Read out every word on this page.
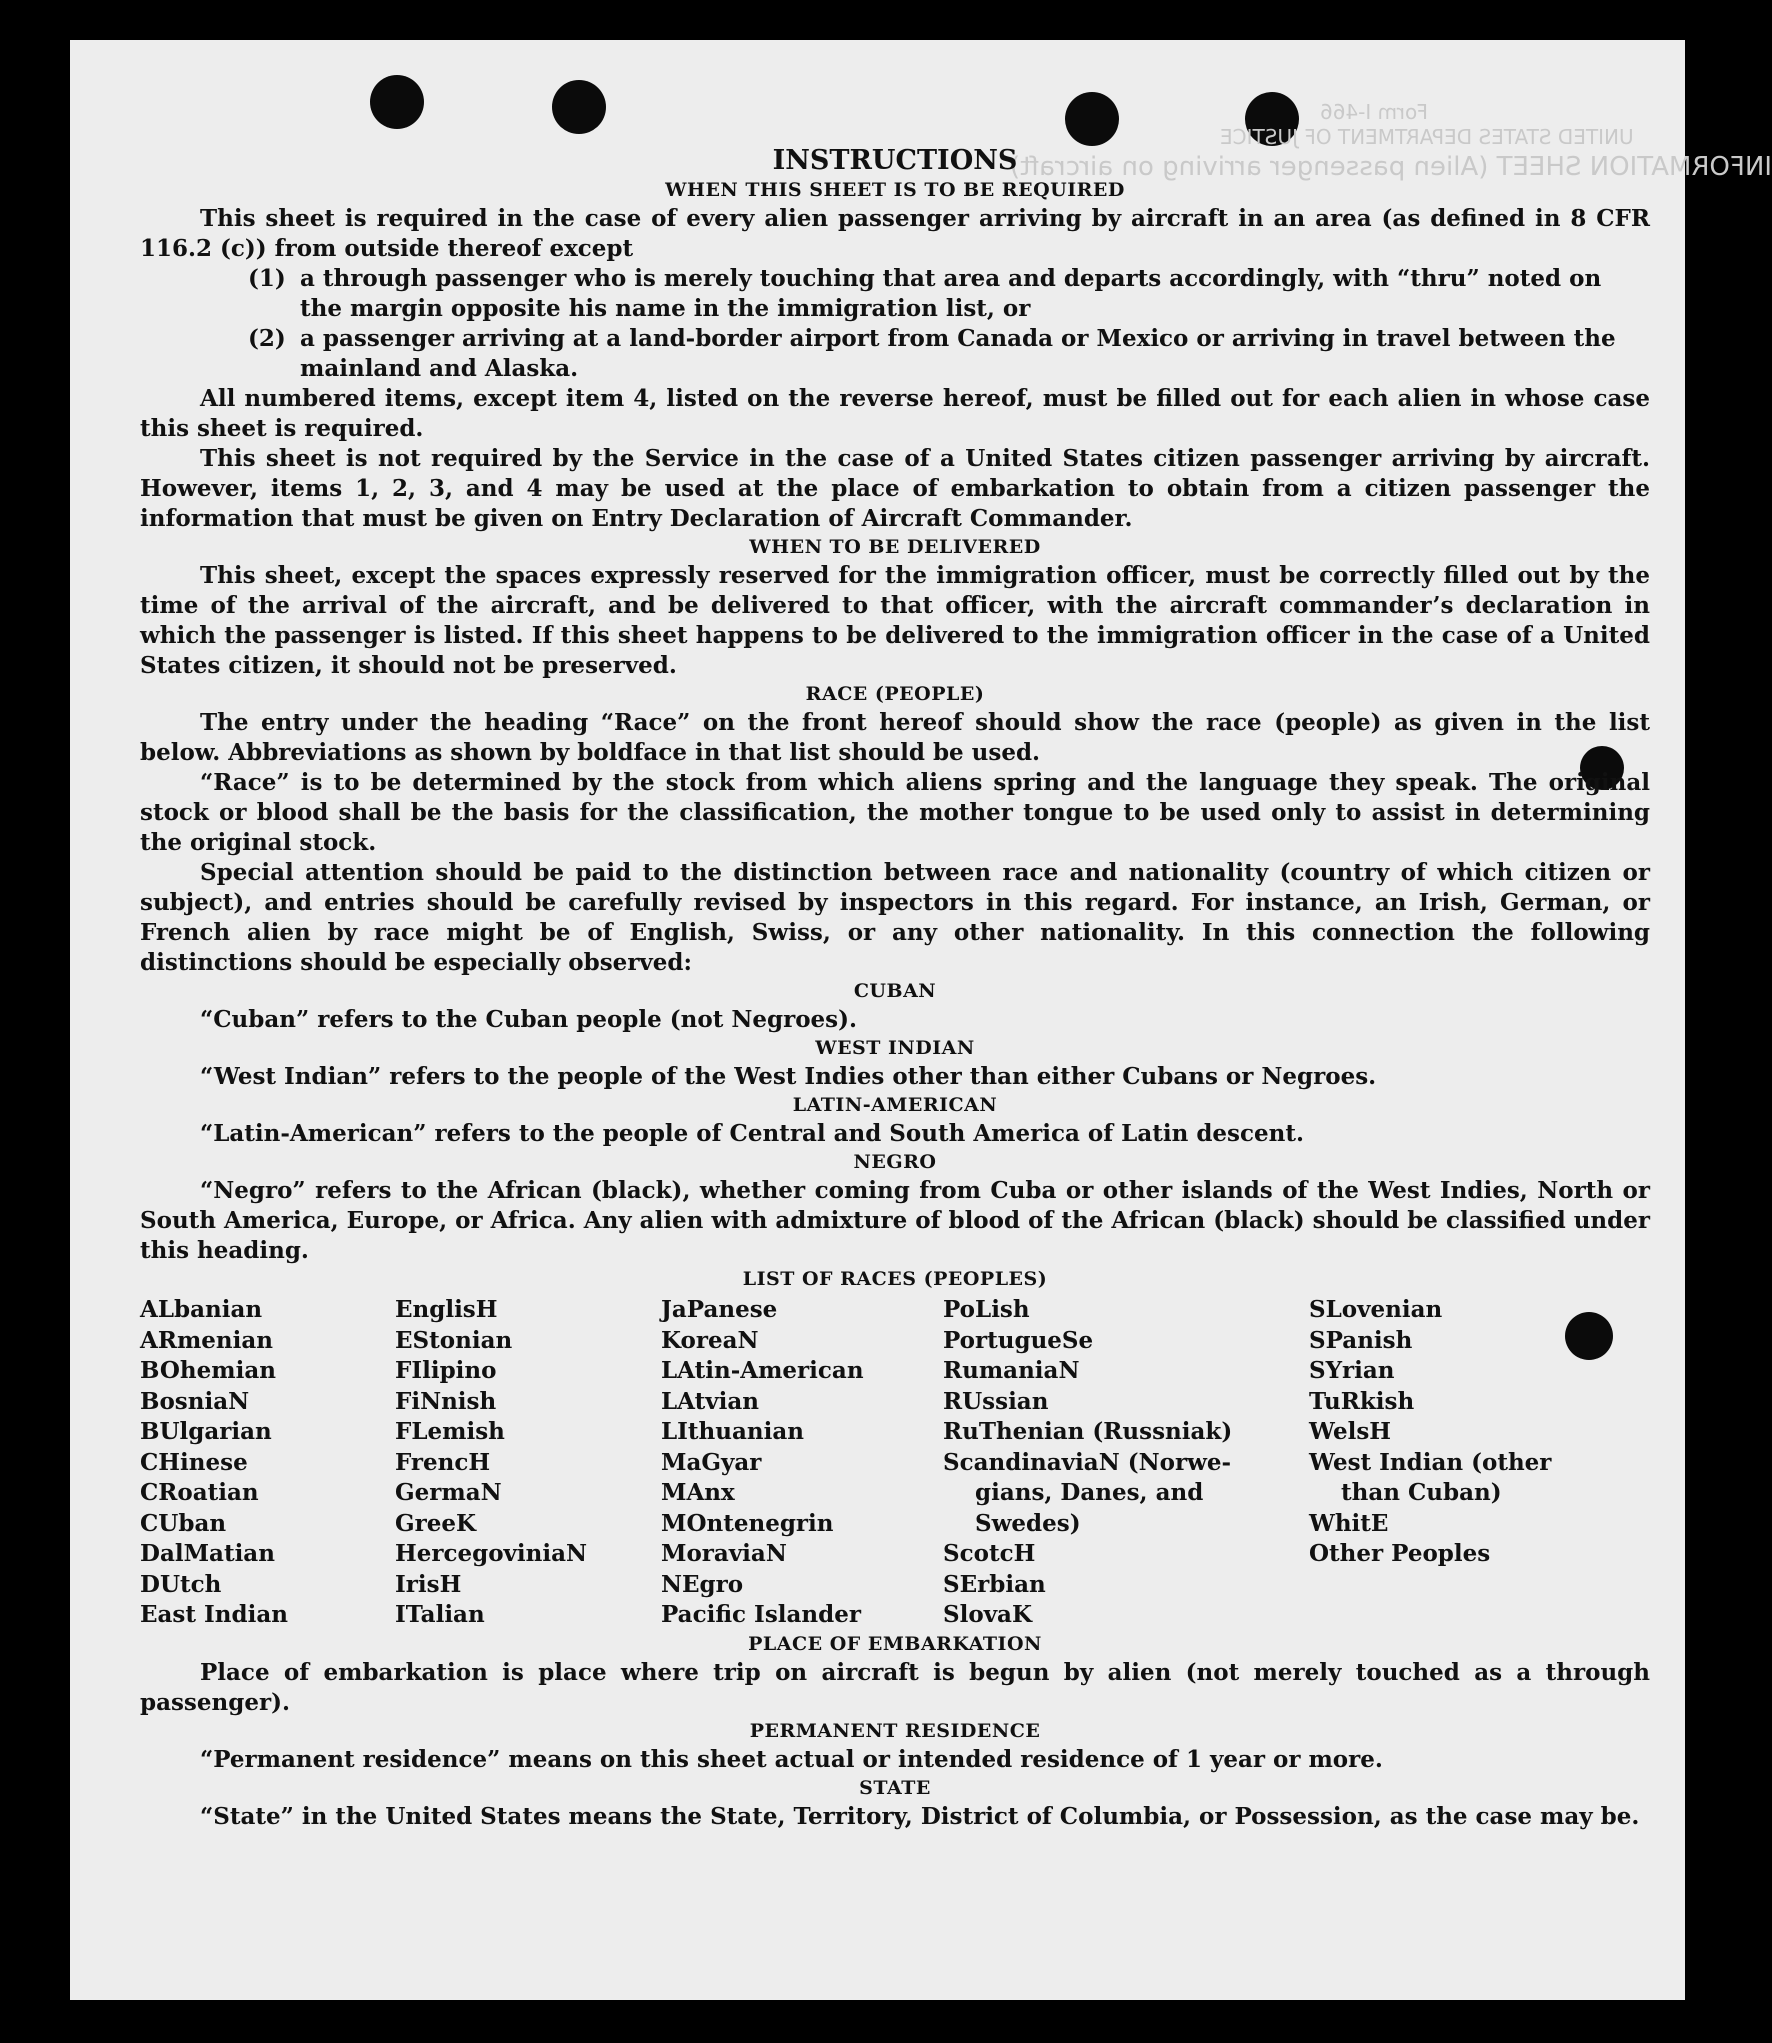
Form I-466
UNITED STATES DEPARTMENT OF JUSTICE
INFORMATION SHEET (Alien passenger arriving on aircraft)
INSTRUCTIONS
WHEN THIS SHEET IS TO BE REQUIRED

This sheet is required in the case of every alien passenger arriving by aircraft in an area (as defined in 8 CFR 116.2 (c)) from outside thereof except

(1) a through passenger who is merely touching that area and departs accordingly, with “thru” noted on the margin opposite his name in the immigration list, or
(2) a passenger arriving at a land-border airport from Canada or Mexico or arriving in travel between the mainland and Alaska.

All numbered items, except item 4, listed on the reverse hereof, must be filled out for each alien in whose case this sheet is required.

This sheet is not required by the Service in the case of a United States citizen passenger arriving by aircraft. However, items 1, 2, 3, and 4 may be used at the place of embarkation to obtain from a citizen passenger the information that must be given on Entry Declaration of Aircraft Commander.

WHEN TO BE DELIVERED

This sheet, except the spaces expressly reserved for the immigration officer, must be correctly filled out by the time of the arrival of the aircraft, and be delivered to that officer, with the aircraft commander’s declaration in which the passenger is listed. If this sheet happens to be delivered to the immigration officer in the case of a United States citizen, it should not be preserved.

RACE (PEOPLE)

The entry under the heading “Race” on the front hereof should show the race (people) as given in the list below. Abbreviations as shown by boldface in that list should be used.

“Race” is to be determined by the stock from which aliens spring and the language they speak. The original stock or blood shall be the basis for the classification, the mother tongue to be used only to assist in determining the original stock.

Special attention should be paid to the distinction between race and nationality (country of which citizen or subject), and entries should be carefully revised by inspectors in this regard. For instance, an Irish, German, or French alien by race might be of English, Swiss, or any other nationality. In this connection the following distinctions should be especially observed:

CUBAN

“Cuban” refers to the Cuban people (not Negroes).

WEST INDIAN

“West Indian” refers to the people of the West Indies other than either Cubans or Negroes.

LATIN-AMERICAN

“Latin-American” refers to the people of Central and South America of Latin descent.

NEGRO

“Negro” refers to the African (black), whether coming from Cuba or other islands of the West Indies, North or South America, Europe, or Africa. Any alien with admixture of blood of the African (black) should be classified under this heading.

LIST OF RACES (PEOPLES)
ALbanian
ARmenian
BOhemian
BosniaN
BUlgarian
CHinese
CRoatian
CUban
DalMatian
DUtch
East Indian
EnglisH
EStonian
FIlipino
FiNnish
FLemish
FrencH
GermaN
GreeK
HercegoviniaN
IrisH
ITalian
JaPanese
KoreaN
LAtin-American
LAtvian
LIthuanian
MaGyar
MAnx
MOntenegrin
MoraviaN
NEgro
Pacific Islander
PoLish
PortugueSe
RumaniaN
RUssian
RuThenian (Russniak)
ScandinaviaN (Norwe-
gians, Danes, and
Swedes)
ScotcH
SErbian
SlovaK
SLovenian
SPanish
SYrian
TuRkish
WelsH
West Indian (other
than Cuban)
WhitE
Other Peoples
PLACE OF EMBARKATION

Place of embarkation is place where trip on aircraft is begun by alien (not merely touched as a through passenger).

PERMANENT RESIDENCE

“Permanent residence” means on this sheet actual or intended residence of 1 year or more.

STATE

“State” in the United States means the State, Territory, District of Columbia, or Possession, as the case may be.
